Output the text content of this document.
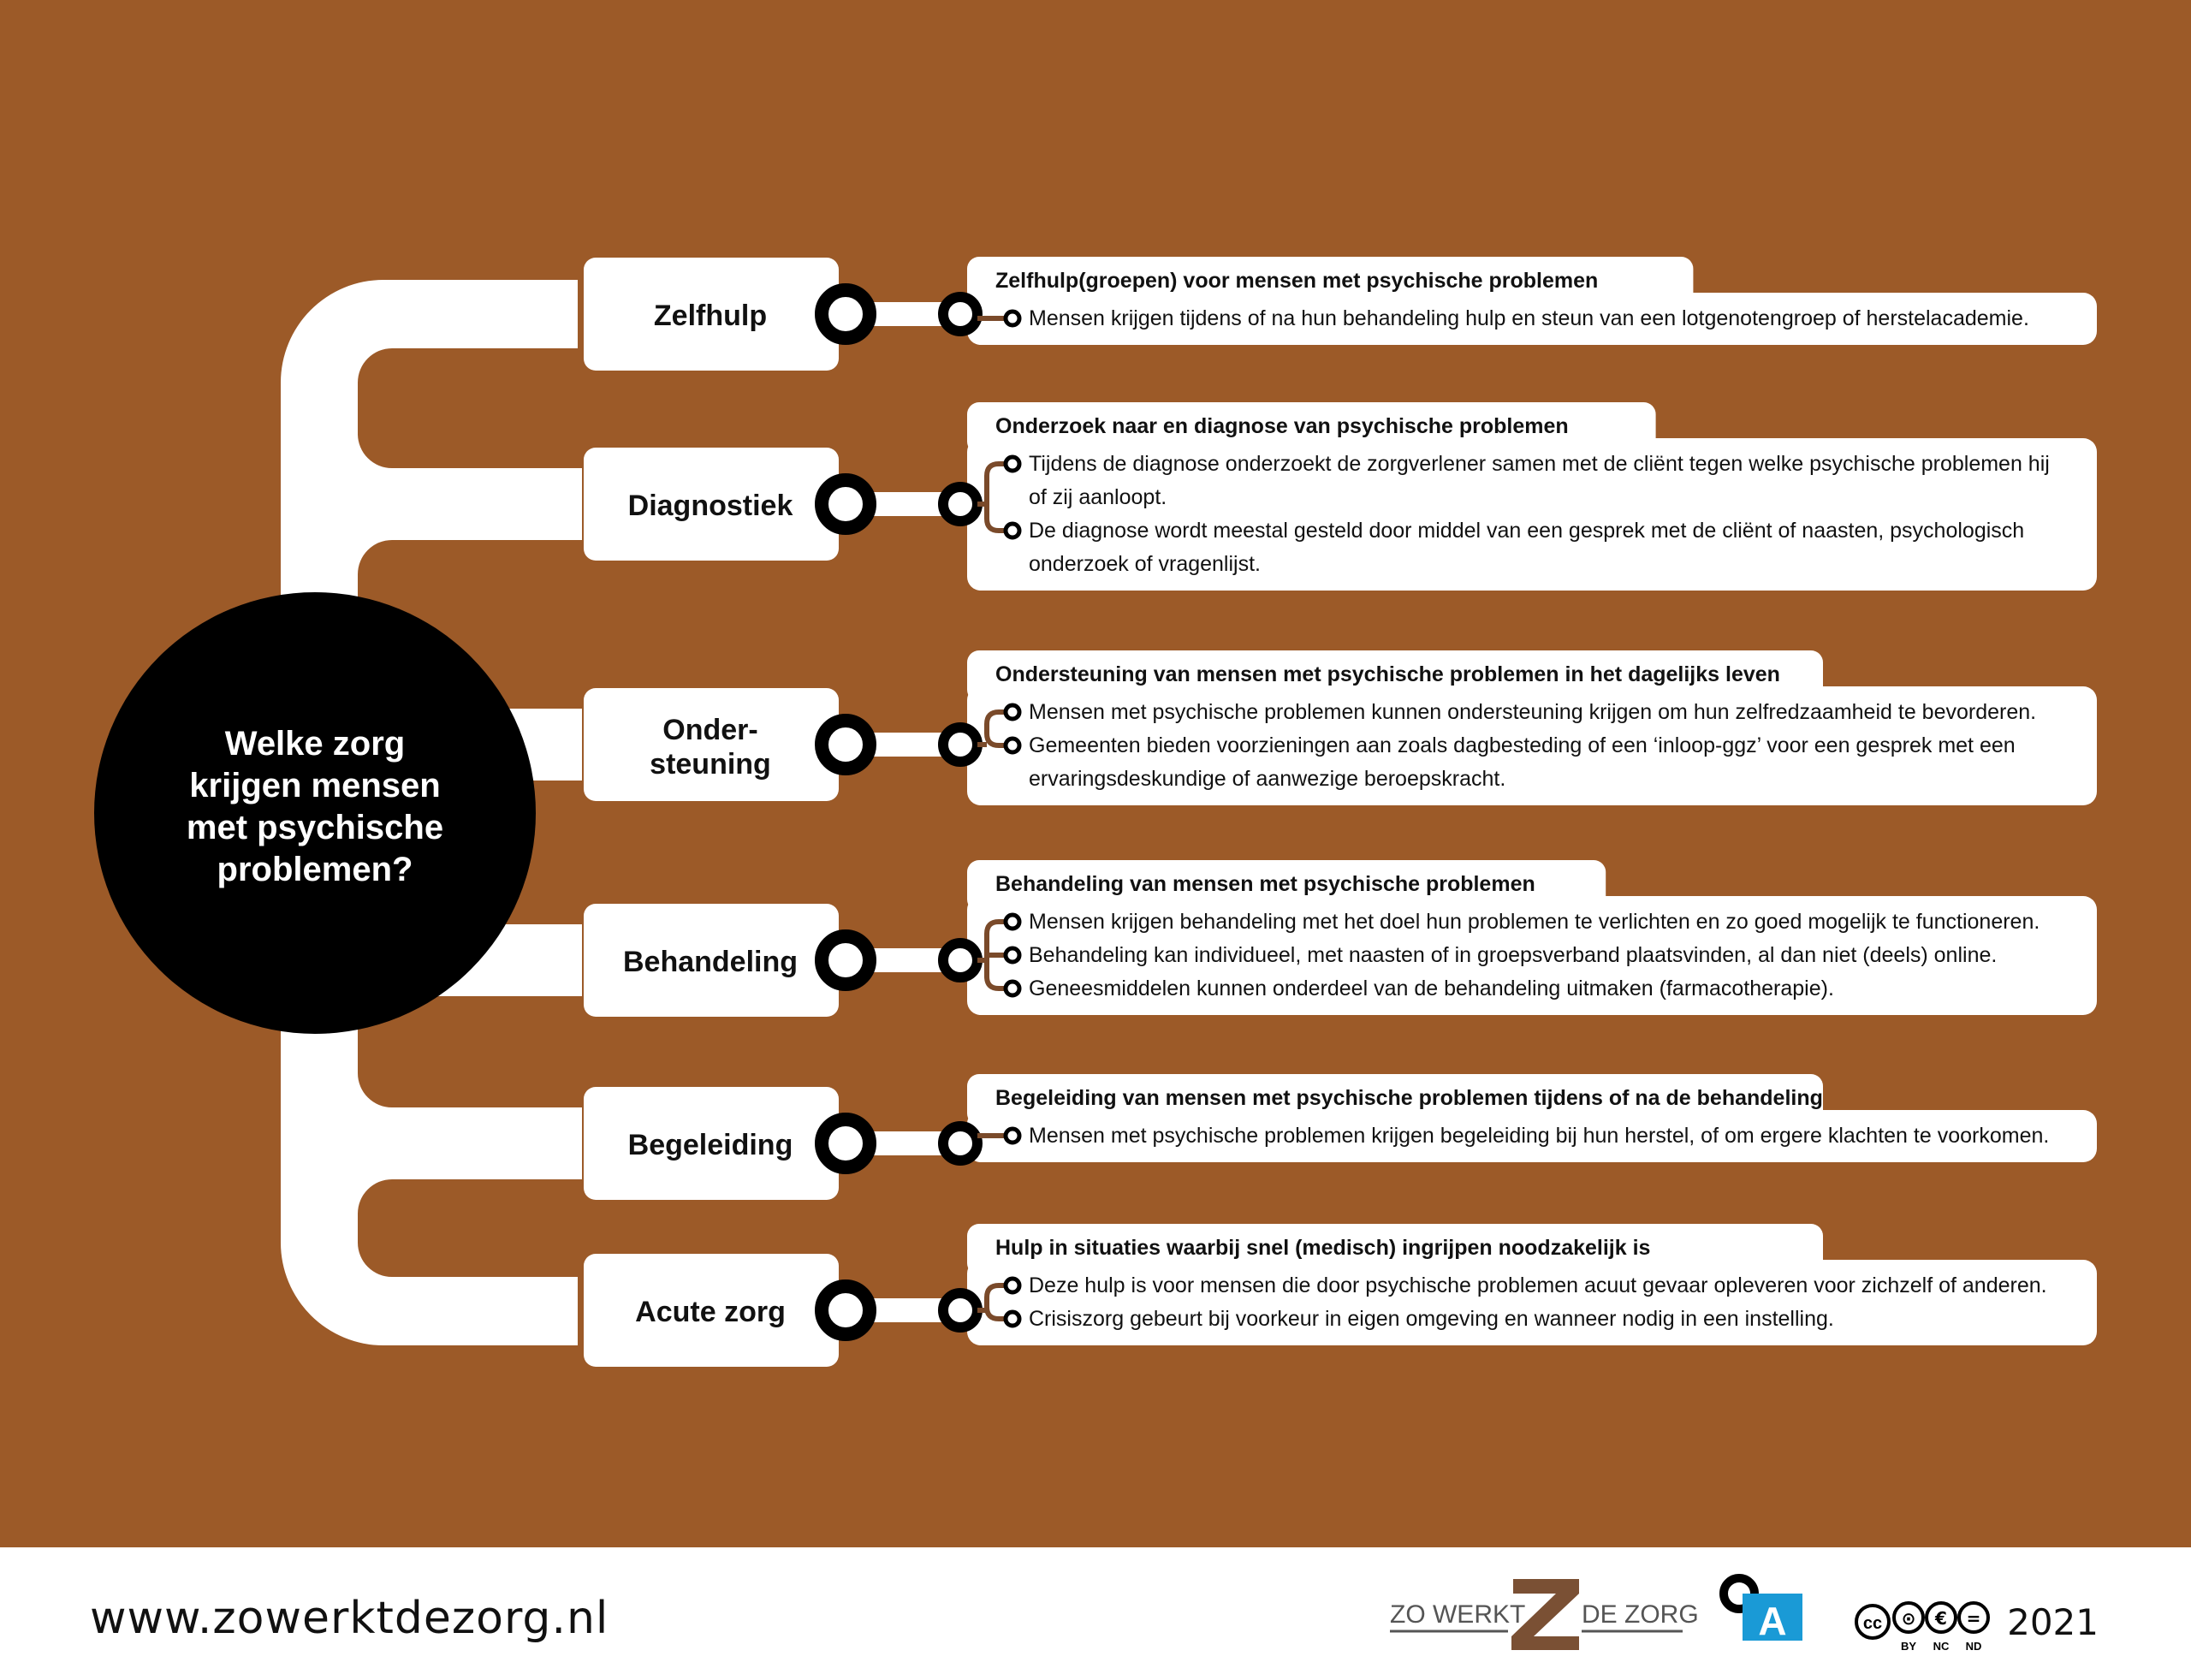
Welke zorg
krijgen mensen
met psychische
problemen?
Zelfhulp
Zelfhulp(groepen) voor mensen met psychische problemen
Mensen krijgen tijdens of na hun behandeling hulp en steun van een lotgenotengroep of herstelacademie.
Diagnostiek
Onderzoek naar en diagnose van psychische problemen
Tijdens de diagnose onderzoekt de zorgverlener samen met de cliënt tegen welke psychische problemen hij
of zij aanloopt.
De diagnose wordt meestal gesteld door middel van een gesprek met de cliënt of naasten, psychologisch
onderzoek of vragenlijst.
Onder-
steuning
Ondersteuning van mensen met psychische problemen in het dagelijks leven
Mensen met psychische problemen kunnen ondersteuning krijgen om hun zelfredzaamheid te bevorderen.
Gemeenten bieden voorzieningen aan zoals dagbesteding of een ‘inloop-ggz’ voor een gesprek met een
ervaringsdeskundige of aanwezige beroepskracht.
Behandeling
Behandeling van mensen met psychische problemen
Mensen krijgen behandeling met het doel hun problemen te verlichten en zo goed mogelijk te functioneren.
Behandeling kan individueel, met naasten of in groepsverband plaatsvinden, al dan niet (deels) online.
Geneesmiddelen kunnen onderdeel van de behandeling uitmaken (farmacotherapie).
Begeleiding
Begeleiding van mensen met psychische problemen tijdens of na de behandeling
Mensen met psychische problemen krijgen begeleiding bij hun herstel, of om ergere klachten te voorkomen.
Acute zorg
Hulp in situaties waarbij snel (medisch) ingrijpen noodzakelijk is
Deze hulp is voor mensen die door psychische problemen acuut gevaar opleveren voor zichzelf of anderen.
Crisiszorg gebeurt bij voorkeur in eigen omgeving en wanneer nodig in een instelling.
www.zowerktdezorg.nl	ZO WERKT DE ZORG A	cc ⊙
BY
€
NC
=
ND
2021
